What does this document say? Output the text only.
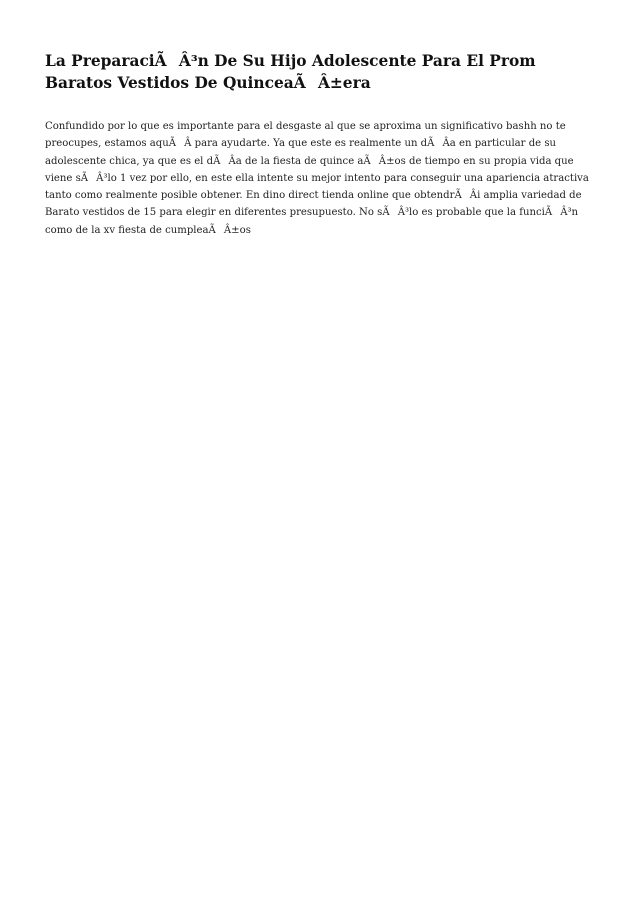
La PreparaciÃÂ³n De Su Hijo Adolescente Para El Prom Baratos Vestidos De QuinceaÃÂ±era

Confundido por lo que es importante para el desgaste al que se aproxima un significativo bashh no te preocupes, estamos aquÃÂ para ayudarte. Ya que este es realmente un dÃÂa en particular de su adolescente chica, ya que es el dÃÂa de la fiesta de quince aÃÂ±os de tiempo en su propia vida que viene sÃÂ³lo 1 vez por ello, en este ella intente su mejor intento para conseguir una apariencia atractiva tanto como realmente posible obtener. En dino direct tienda online que obtendrÃÂi amplia variedad de Barato vestidos de 15 para elegir en diferentes presupuesto. No sÃÂ³lo es probable que la funciÃÂ³n como de la xv fiesta de cumpleaÃÂ±os
